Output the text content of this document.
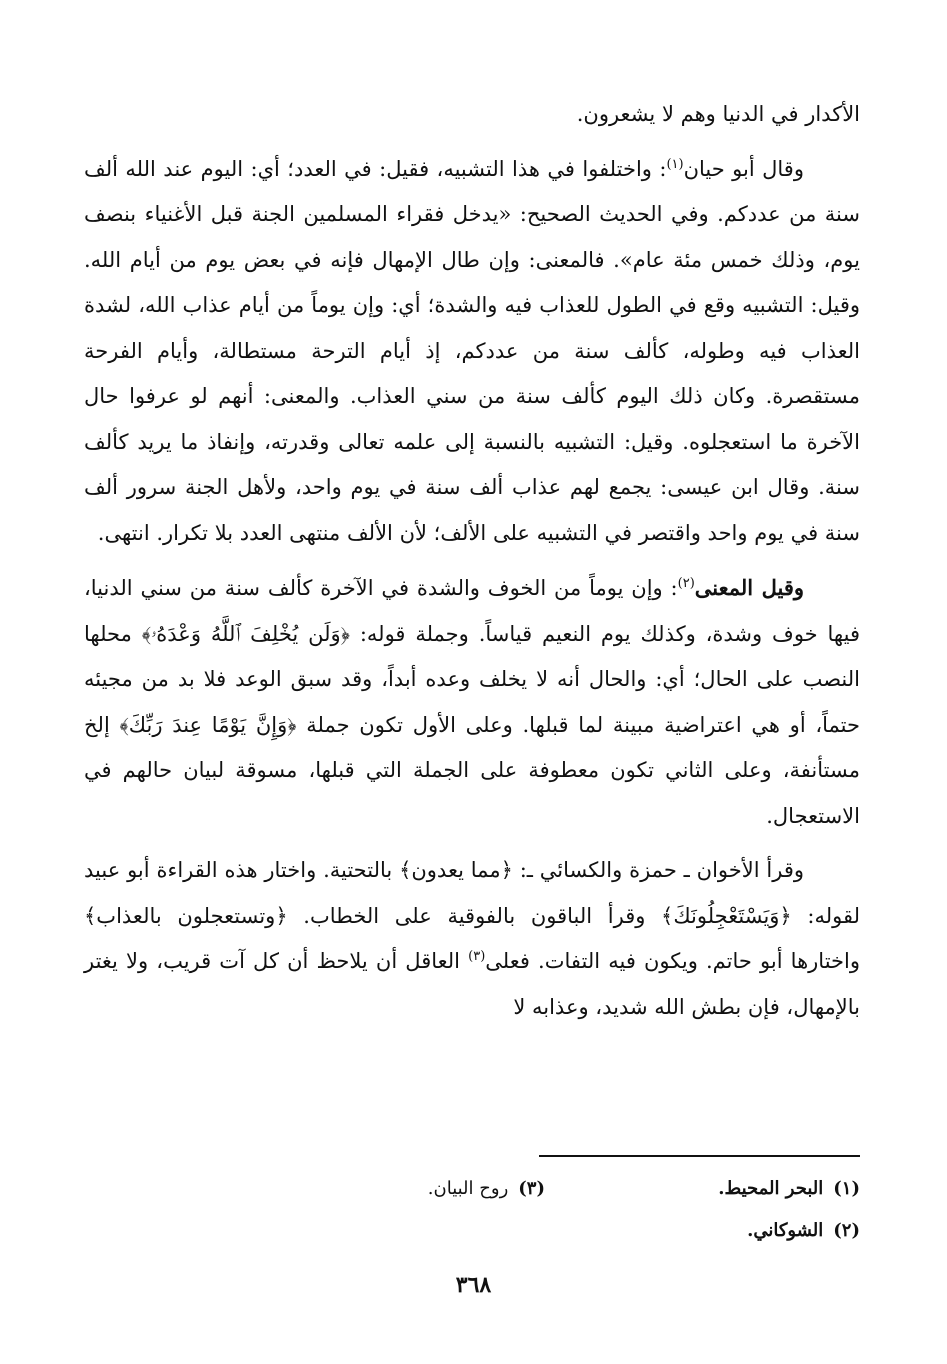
الأكدار في الدنيا وهم لا يشعرون.

وقال أبو حيان$^{(١)}$: واختلفوا في هذا التشبيه، فقيل: في العدد؛ أي: اليوم عند الله ألف سنة من عددكم. وفي الحديث الصحيح: «يدخل فقراء المسلمين الجنة قبل الأغنياء بنصف يوم، وذلك خمس مئة عام». فالمعنى: وإن طال الإمهال فإنه في بعض يوم من أيام الله. وقيل: التشبيه وقع في الطول للعذاب فيه والشدة؛ أي: وإن يوماً من أيام عذاب الله، لشدة العذاب فيه وطوله، كألف سنة من عددكم، إذ أيام الترحة مستطالة، وأيام الفرحة مستقصرة. وكان ذلك اليوم كألف سنة من سني العذاب. والمعنى: أنهم لو عرفوا حال الآخرة ما استعجلوه. وقيل: التشبيه بالنسبة إلى علمه تعالى وقدرته، وإنفاذ ما يريد كألف سنة. وقال ابن عيسى: يجمع لهم عذاب ألف سنة في يوم واحد، ولأهل الجنة سرور ألف سنة في يوم واحد واقتصر في التشبيه على الألف؛ لأن الألف منتهى العدد بلا تكرار. انتهى.

وقيل المعنى$^{(٢)}$: وإن يوماً من الخوف والشدة في الآخرة كألف سنة من سني الدنيا، فيها خوف وشدة، وكذلك يوم النعيم قياساً. وجملة قوله: ﴿وَلَن يُخْلِفَ ٱللَّهُ وَعْدَهُۥ﴾ محلها النصب على الحال؛ أي: والحال أنه لا يخلف وعده أبداً، وقد سبق الوعد فلا بد من مجيئه حتماً، أو هي اعتراضية مبينة لما قبلها. وعلى الأول تكون جملة ﴿وَإِنَّ يَوْمًا عِندَ رَبِّكَ﴾ إلخ مستأنفة، وعلى الثاني تكون معطوفة على الجملة التي قبلها، مسوقة لبيان حالهم في الاستعجال.

وقرأ الأخوان ـ حمزة والكسائي ـ: ﴿مما يعدون﴾ بالتحتية. واختار هذه القراءة أبو عبيد لقوله: ﴿وَيَسْتَعْجِلُونَكَ﴾ وقرأ الباقون بالفوقية على الخطاب. ﴿وتستعجلون بالعذاب﴾ واختارها أبو حاتم. ويكون فيه التفات. فعلى$^{(٣)}$ العاقل أن يلاحظ أن كل آت قريب، ولا يغتر بالإمهال، فإن بطش الله شديد، وعذابه لا

(١)البحر المحيط.
(٣)روح البيان.
(٢)الشوكاني.
٣٦٨
